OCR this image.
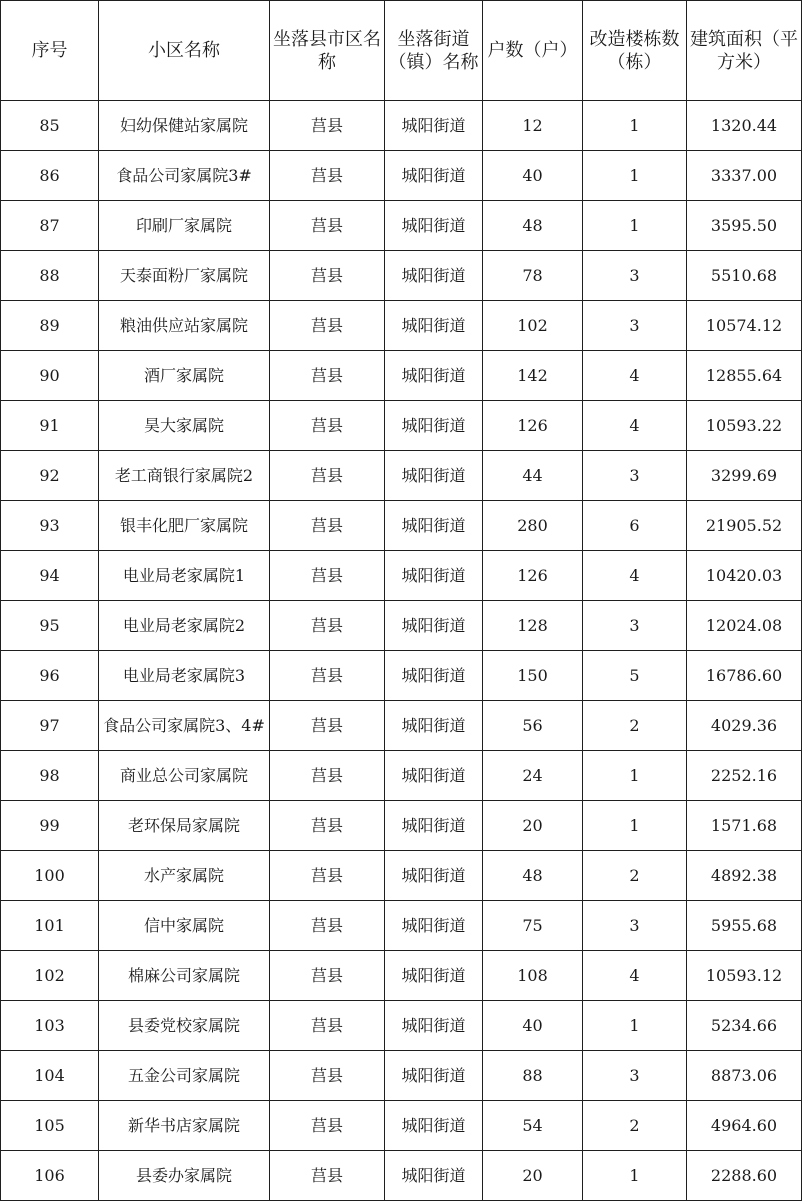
序号	小区名称	坐落县市区名称	坐落街道（镇）名称	户数（户）	改造楼栋数（栋）	建筑面积（平方米）
85	妇幼保健站家属院	莒县	城阳街道	12	1	1320.44
86	食品公司家属院3#	莒县	城阳街道	40	1	3337.00
87	印刷厂家属院	莒县	城阳街道	48	1	3595.50
88	天泰面粉厂家属院	莒县	城阳街道	78	3	5510.68
89	粮油供应站家属院	莒县	城阳街道	102	3	10574.12
90	酒厂家属院	莒县	城阳街道	142	4	12855.64
91	昊大家属院	莒县	城阳街道	126	4	10593.22
92	老工商银行家属院2	莒县	城阳街道	44	3	3299.69
93	银丰化肥厂家属院	莒县	城阳街道	280	6	21905.52
94	电业局老家属院1	莒县	城阳街道	126	4	10420.03
95	电业局老家属院2	莒县	城阳街道	128	3	12024.08
96	电业局老家属院3	莒县	城阳街道	150	5	16786.60
97	食品公司家属院3、4#	莒县	城阳街道	56	2	4029.36
98	商业总公司家属院	莒县	城阳街道	24	1	2252.16
99	老环保局家属院	莒县	城阳街道	20	1	1571.68
100	水产家属院	莒县	城阳街道	48	2	4892.38
101	信中家属院	莒县	城阳街道	75	3	5955.68
102	棉麻公司家属院	莒县	城阳街道	108	4	10593.12
103	县委党校家属院	莒县	城阳街道	40	1	5234.66
104	五金公司家属院	莒县	城阳街道	88	3	8873.06
105	新华书店家属院	莒县	城阳街道	54	2	4964.60
106	县委办家属院	莒县	城阳街道	20	1	2288.60
